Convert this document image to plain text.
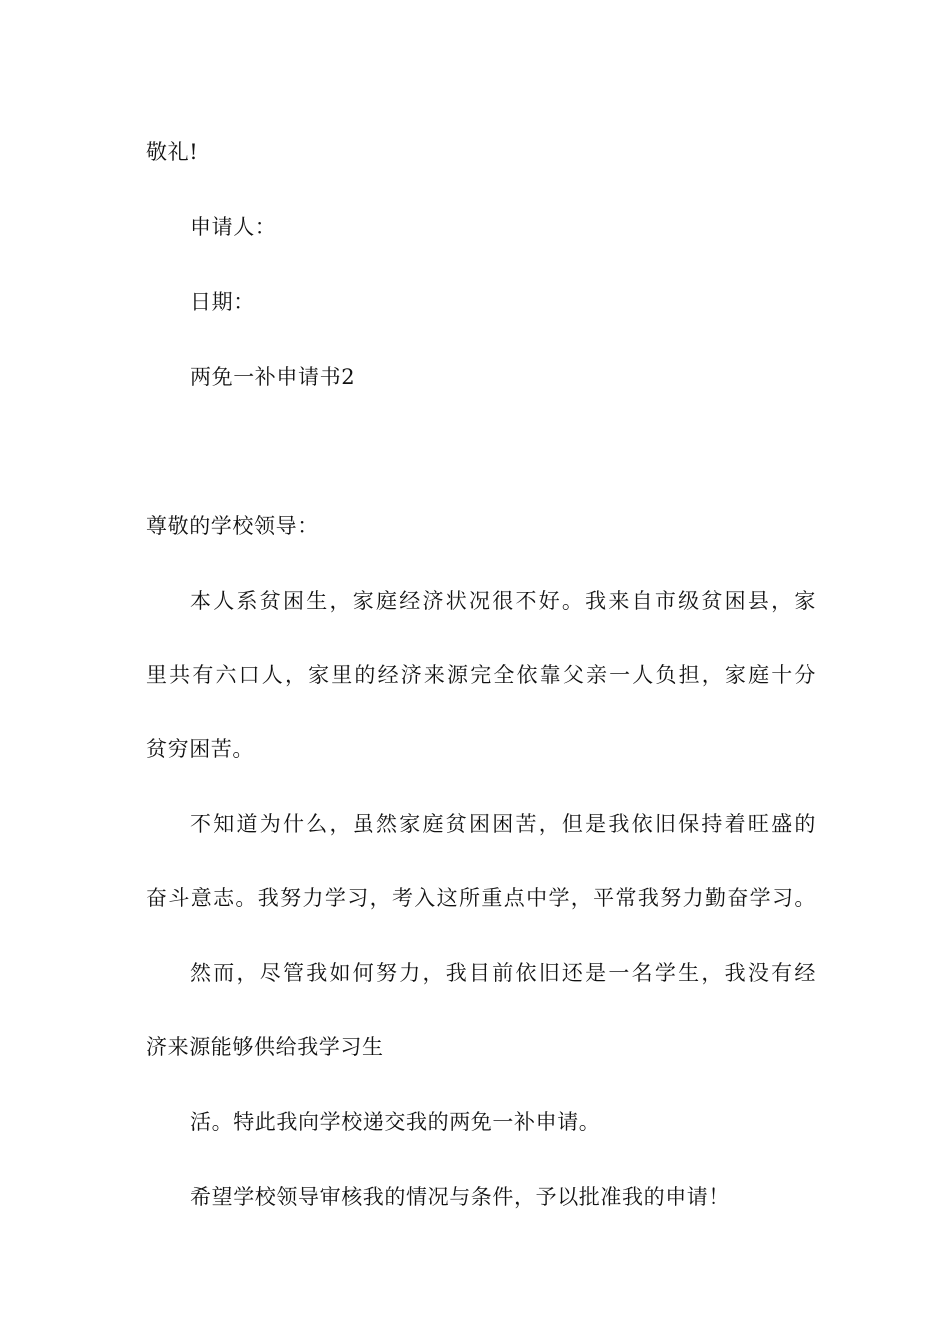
敬礼!
申请人：
日期：
两免一补申请书2
尊敬的学校领导：
本人系贫困生，家庭经济状况很不好。我来自市级贫困县，家
里共有六口人，家里的经济来源完全依靠父亲一人负担，家庭十分
贫穷困苦。
不知道为什么，虽然家庭贫困困苦，但是我依旧保持着旺盛的
奋斗意志。我努力学习，考入这所重点中学，平常我努力勤奋学习。
然而，尽管我如何努力，我目前依旧还是一名学生，我没有经
济来源能够供给我学习生
活。特此我向学校递交我的两免一补申请。
希望学校领导审核我的情况与条件，予以批准我的申请！
